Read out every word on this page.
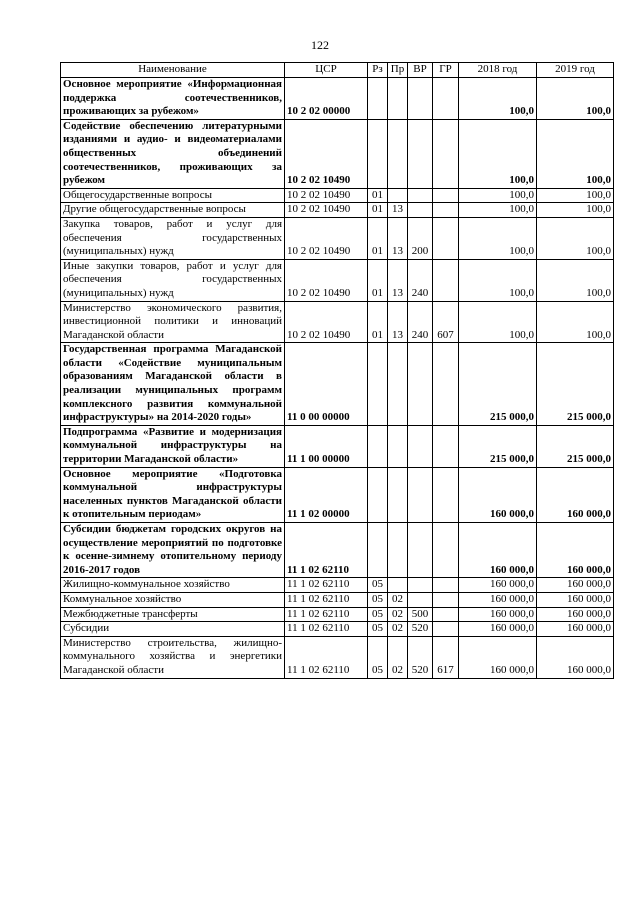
122
Наименование	ЦСР	Рз	Пр	ВР	ГР	2018 год	2019 год
Основное мероприятие «Информационная поддержка соотечественников, проживающих за рубежом»	10 2 02 00000					100,0	100,0
Содействие обеспечению литературными изданиями и аудио- и видеоматериалами общественных объединений соотечественников, проживающих за рубежом	10 2 02 10490					100,0	100,0
Общегосударственные вопросы	10 2 02 10490	01				100,0	100,0
Другие общегосударственные вопросы	10 2 02 10490	01	13			100,0	100,0
Закупка товаров, работ и услуг для обеспечения государственных (муниципальных) нужд	10 2 02 10490	01	13	200		100,0	100,0
Иные закупки товаров, работ и услуг для обеспечения государственных (муниципальных) нужд	10 2 02 10490	01	13	240		100,0	100,0
Министерство экономического развития, инвестиционной политики и инноваций Магаданской области	10 2 02 10490	01	13	240	607	100,0	100,0
Государственная программа Магаданской области «Содействие муниципальным образованиям Магаданской области в реализации муниципальных программ комплексного развития коммунальной инфраструктуры» на 2014-2020 годы»	11 0 00 00000					215 000,0	215 000,0
Подпрограмма «Развитие и модернизация коммунальной инфраструктуры на территории Магаданской области»	11 1 00 00000					215 000,0	215 000,0
Основное мероприятие «Подготовка коммунальной инфраструктуры населенных пунктов Магаданской области к отопительным периодам»	11 1 02 00000					160 000,0	160 000,0
Субсидии бюджетам городских округов на осуществление мероприятий по подготовке к осенне-зимнему отопительному периоду 2016-2017 годов	11 1 02 62110					160 000,0	160 000,0
Жилищно-коммунальное хозяйство	11 1 02 62110	05				160 000,0	160 000,0
Коммунальное хозяйство	11 1 02 62110	05	02			160 000,0	160 000,0
Межбюджетные трансферты	11 1 02 62110	05	02	500		160 000,0	160 000,0
Субсидии	11 1 02 62110	05	02	520		160 000,0	160 000,0
Министерство строительства, жилищно-коммунального хозяйства и энергетики Магаданской области	11 1 02 62110	05	02	520	617	160 000,0	160 000,0
